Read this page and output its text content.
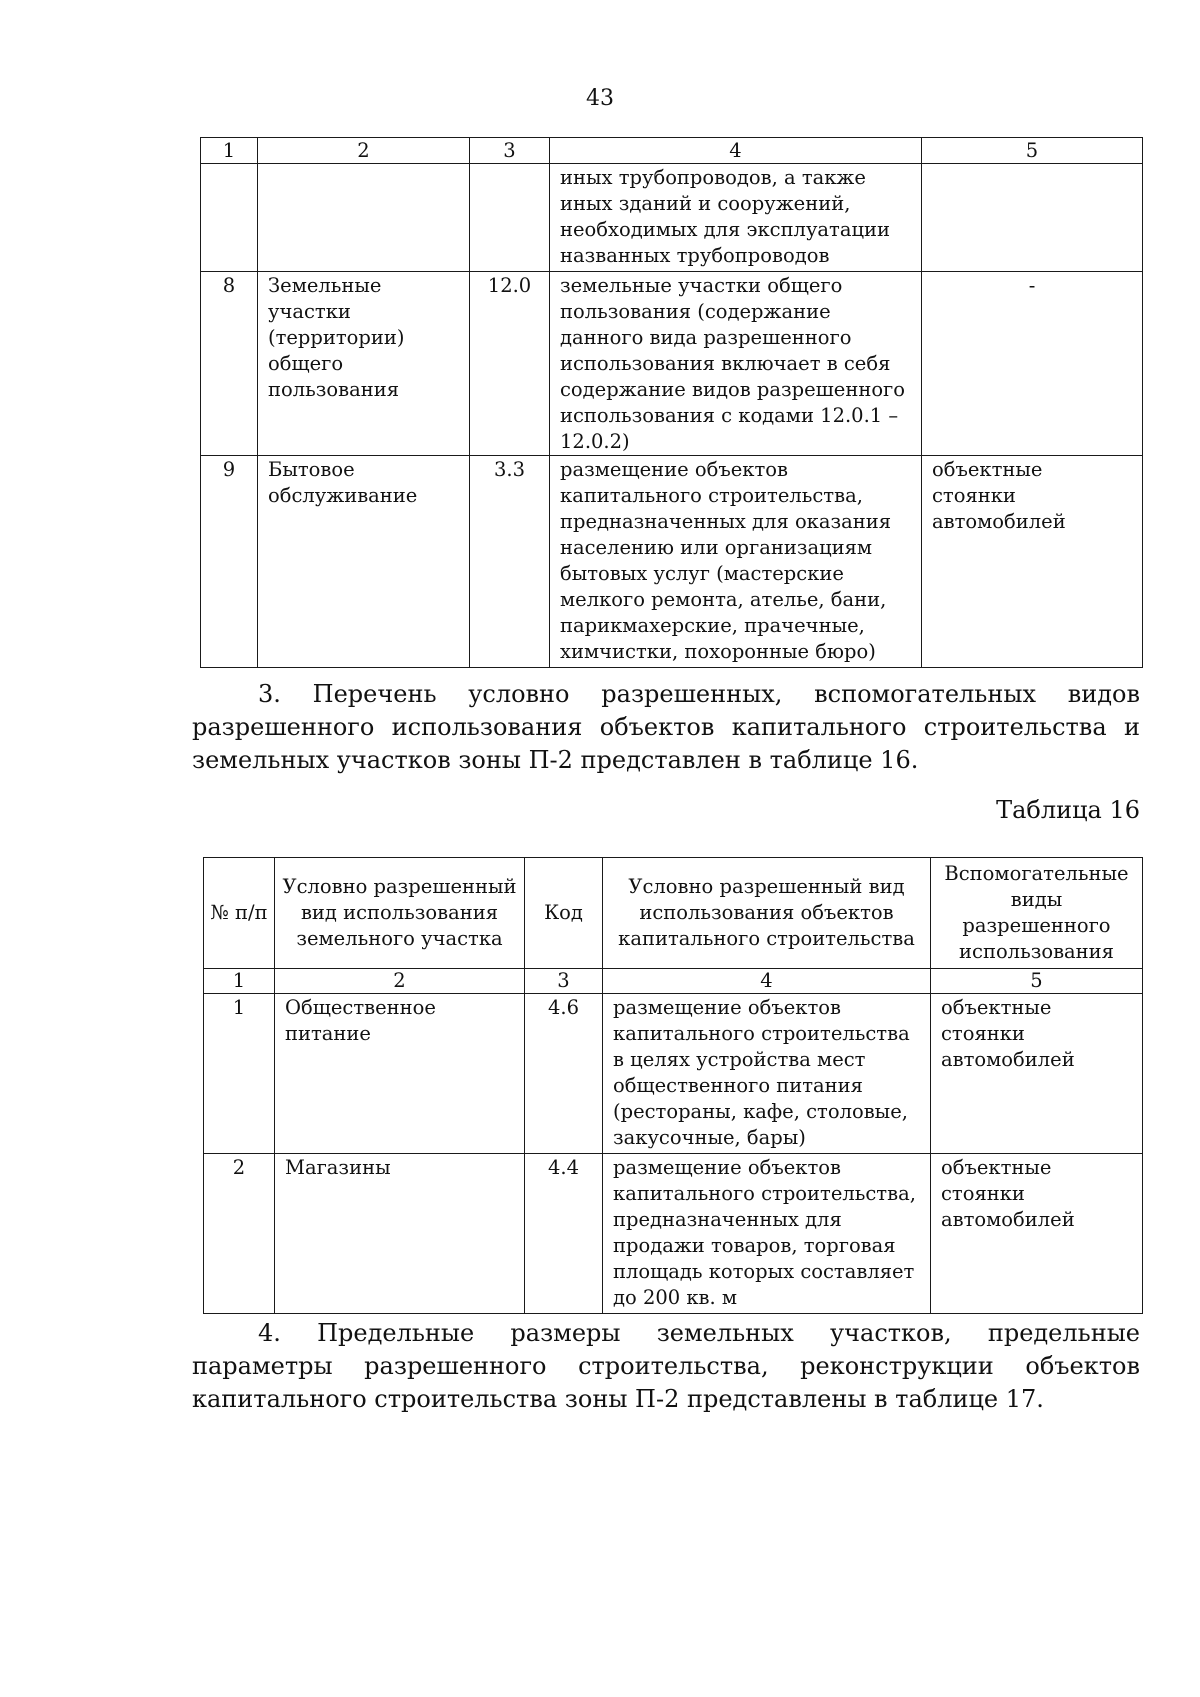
43
1	2	3	4	5
			иных трубопроводов, а также иных зданий и сооружений, необходимых для эксплуатации названных трубопроводов	
8	Земельные участки (территории) общего пользования	12.0	земельные участки общего пользования (содержание данного вида разрешенного использования включает в себя содержание видов разрешенного использования с кодами 12.0.1 – 12.0.2)	-
9	Бытовое обслуживание	3.3	размещение объектов капитального строительства, предназначенных для оказания населению или организациям бытовых услуг (мастерские мелкого ремонта, ателье, бани, парикмахерские, прачечные, химчистки, похоронные бюро)	объектные стоянки автомобилей
3. Перечень условно разрешенных, вспомогательных видов разрешенного использования объектов капитального строительства и земельных участков зоны П-2 представлен в таблице 16.
Таблица 16
№ п/п	Условно разрешенный вид использования земельного участка	Код	Условно разрешенный вид использования объектов капитального строительства	Вспомогательные виды разрешенного использования
1	2	3	4	5
1	Общественное питание	4.6	размещение объектов капитального строительства в целях устройства мест общественного питания (рестораны, кафе, столовые, закусочные, бары)	объектные стоянки автомобилей
2	Магазины	4.4	размещение объектов капитального строительства, предназначенных для продажи товаров, торговая площадь которых составляет до 200 кв. м	объектные стоянки автомобилей
4. Предельные размеры земельных участков, предельные параметры разрешенного строительства, реконструкции объектов капитального строительства зоны П-2 представлены в таблице 17.
